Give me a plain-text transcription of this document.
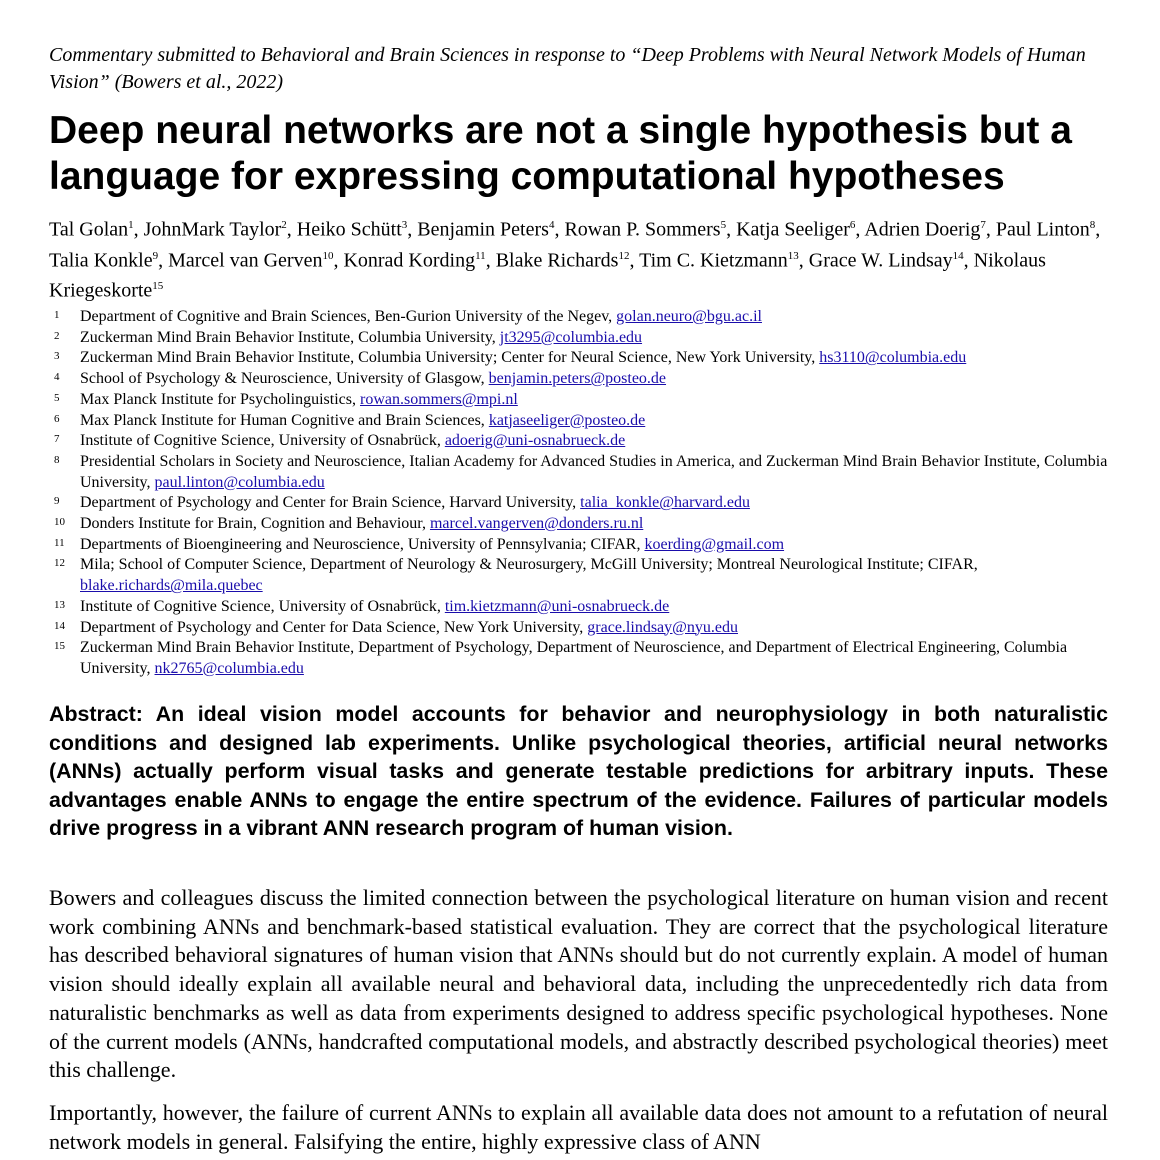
Commentary submitted to Behavioral and Brain Sciences in response to “Deep Problems with Neural Network Models of Human Vision” (Bowers et al., 2022)

Deep neural networks are not a single hypothesis but a language for expressing computational hypotheses

Tal Golan$^1$, JohnMark Taylor$^2$, Heiko Schütt$^3$, Benjamin Peters$^4$, Rowan P. Sommers$^5$, Katja Seeliger$^6$, Adrien Doerig$^7$, Paul Linton$^8$, Talia Konkle$^9$, Marcel van Gerven$^{10}$, Konrad Kording$^{11}$, Blake Richards$^{12}$, Tim C. Kietzmann$^{13}$, Grace W. Lindsay$^{14}$, Nikolaus Kriegeskorte$^{15}$

1 Department of Cognitive and Brain Sciences, Ben-Gurion University of the Negev, golan.neuro@bgu.ac.il
2 Zuckerman Mind Brain Behavior Institute, Columbia University, jt3295@columbia.edu
3 Zuckerman Mind Brain Behavior Institute, Columbia University; Center for Neural Science, New York University, hs3110@columbia.edu
4 School of Psychology & Neuroscience, University of Glasgow, benjamin.peters@posteo.de
5 Max Planck Institute for Psycholinguistics, rowan.sommers@mpi.nl
6 Max Planck Institute for Human Cognitive and Brain Sciences, katjaseeliger@posteo.de
7 Institute of Cognitive Science, University of Osnabrück, adoerig@uni-osnabrueck.de
8 Presidential Scholars in Society and Neuroscience, Italian Academy for Advanced Studies in America, and Zuckerman Mind Brain Behavior Institute, Columbia University, paul.linton@columbia.edu
9 Department of Psychology and Center for Brain Science, Harvard University, talia_konkle@harvard.edu
10 Donders Institute for Brain, Cognition and Behaviour, marcel.vangerven@donders.ru.nl
11 Departments of Bioengineering and Neuroscience, University of Pennsylvania; CIFAR, koerding@gmail.com
12 Mila; School of Computer Science, Department of Neurology & Neurosurgery, McGill University; Montreal Neurological Institute; CIFAR, blake.richards@mila.quebec
13 Institute of Cognitive Science, University of Osnabrück, tim.kietzmann@uni-osnabrueck.de
14 Department of Psychology and Center for Data Science, New York University, grace.lindsay@nyu.edu
15 Zuckerman Mind Brain Behavior Institute, Department of Psychology, Department of Neuroscience, and Department of Electrical Engineering, Columbia University, nk2765@columbia.edu

Abstract: An ideal vision model accounts for behavior and neurophysiology in both naturalistic conditions and designed lab experiments. Unlike psychological theories, artificial neural networks (ANNs) actually perform visual tasks and generate testable predictions for arbitrary inputs. These advantages enable ANNs to engage the entire spectrum of the evidence. Failures of particular models drive progress in a vibrant ANN research program of human vision.

Bowers and colleagues discuss the limited connection between the psychological literature on human vision and recent work combining ANNs and benchmark-based statistical evaluation. They are correct that the psychological literature has described behavioral signatures of human vision that ANNs should but do not currently explain. A model of human vision should ideally explain all available neural and behavioral data, including the unprecedentedly rich data from naturalistic benchmarks as well as data from experiments designed to address specific psychological hypotheses. None of the current models (ANNs, handcrafted computational models, and abstractly described psychological theories) meet this challenge.

Importantly, however, the failure of current ANNs to explain all available data does not amount to a refutation of neural network models in general. Falsifying the entire, highly expressive class of ANN
